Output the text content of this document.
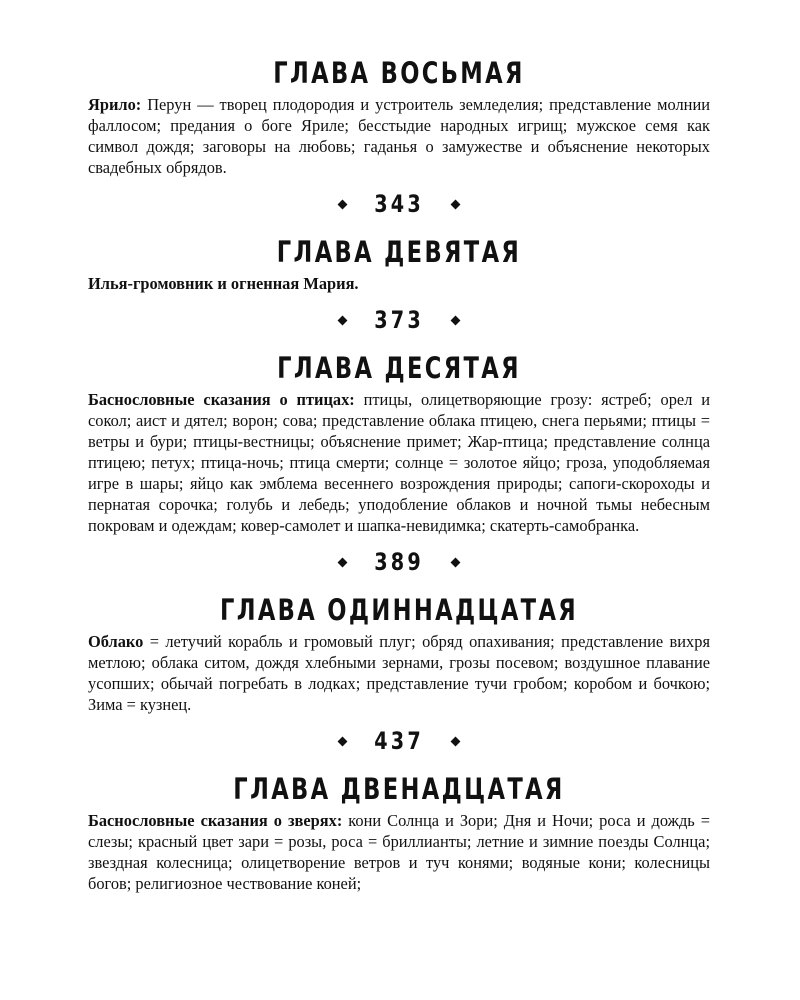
ГЛАВА ВОСЬМАЯ

Ярило: Перун — творец плодородия и устроитель земледелия; представление молнии фаллосом; предания о боге Яриле; бесстыдие народных игрищ; мужское семя как символ дождя; заговоры на любовь; гаданья о замужестве и объяснение некоторых свадебных обрядов.

343
ГЛАВА ДЕВЯТАЯ

Илья-громовник и огненная Мария.

373
ГЛАВА ДЕСЯТАЯ

Баснословные сказания о птицах: птицы, олицетворяющие грозу: ястреб; орел и сокол; аист и дятел; ворон; сова; представление облака птицею, снега перьями; птицы = ветры и бури; птицы-вестницы; объяснение примет; Жар-птица; представление солнца птицею; петух; птица-ночь; птица смерти; солнце = золотое яйцо; гроза, уподобляемая игре в шары; яйцо как эмблема весеннего возрождения природы; сапоги-скороходы и пернатая сорочка; голубь и лебедь; уподобление облаков и ночной тьмы небесным покровам и одеждам; ковер-самолет и шапка-невидимка; скатерть-самобранка.

389
ГЛАВА ОДИННАДЦАТАЯ

Облако = летучий корабль и громовый плуг; обряд опахивания; представление вихря метлою; облака ситом, дождя хлебными зернами, грозы посевом; воздушное плавание усопших; обычай погребать в лодках; представление тучи гробом; коробом и бочкою; Зима = кузнец.

437
ГЛАВА ДВЕНАДЦАТАЯ

Баснословные сказания о зверях: кони Солнца и Зори; Дня и Ночи; роса и дождь = слезы; красный цвет зари = розы, роса = бриллианты; летние и зимние поезды Солнца; звездная колесница; олицетворение ветров и туч конями; водяные кони; колесницы богов; религиозное чествование коней;
